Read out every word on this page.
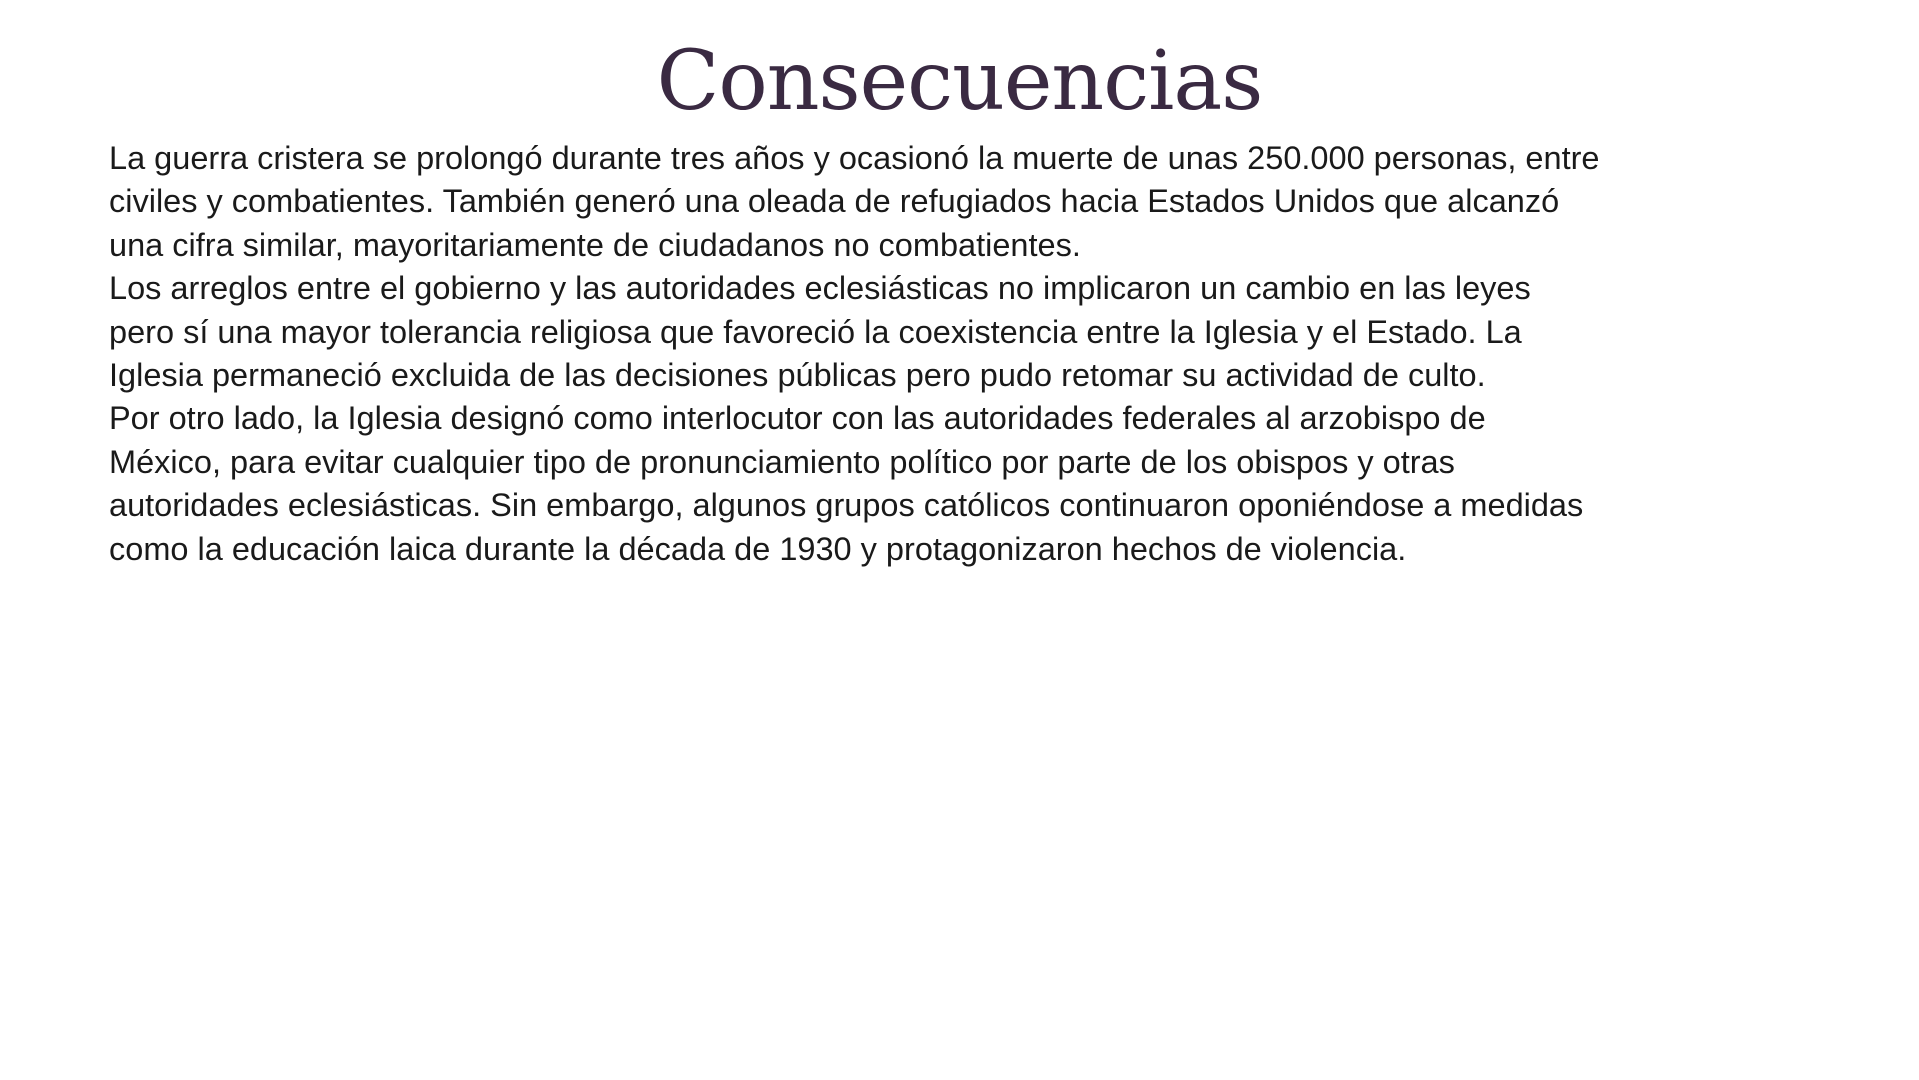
Consecuencias
La guerra cristera se prolongó durante tres años y ocasionó la muerte de unas 250.000 personas, entre
civiles y combatientes. También generó una oleada de refugiados hacia Estados Unidos que alcanzó
una cifra similar, mayoritariamente de ciudadanos no combatientes.
Los arreglos entre el gobierno y las autoridades eclesiásticas no implicaron un cambio en las leyes
pero sí una mayor tolerancia religiosa que favoreció la coexistencia entre la Iglesia y el Estado. La
Iglesia permaneció excluida de las decisiones públicas pero pudo retomar su actividad de culto.
Por otro lado, la Iglesia designó como interlocutor con las autoridades federales al arzobispo de
México, para evitar cualquier tipo de pronunciamiento político por parte de los obispos y otras
autoridades eclesiásticas. Sin embargo, algunos grupos católicos continuaron oponiéndose a medidas
como la educación laica durante la década de 1930 y protagonizaron hechos de violencia.
